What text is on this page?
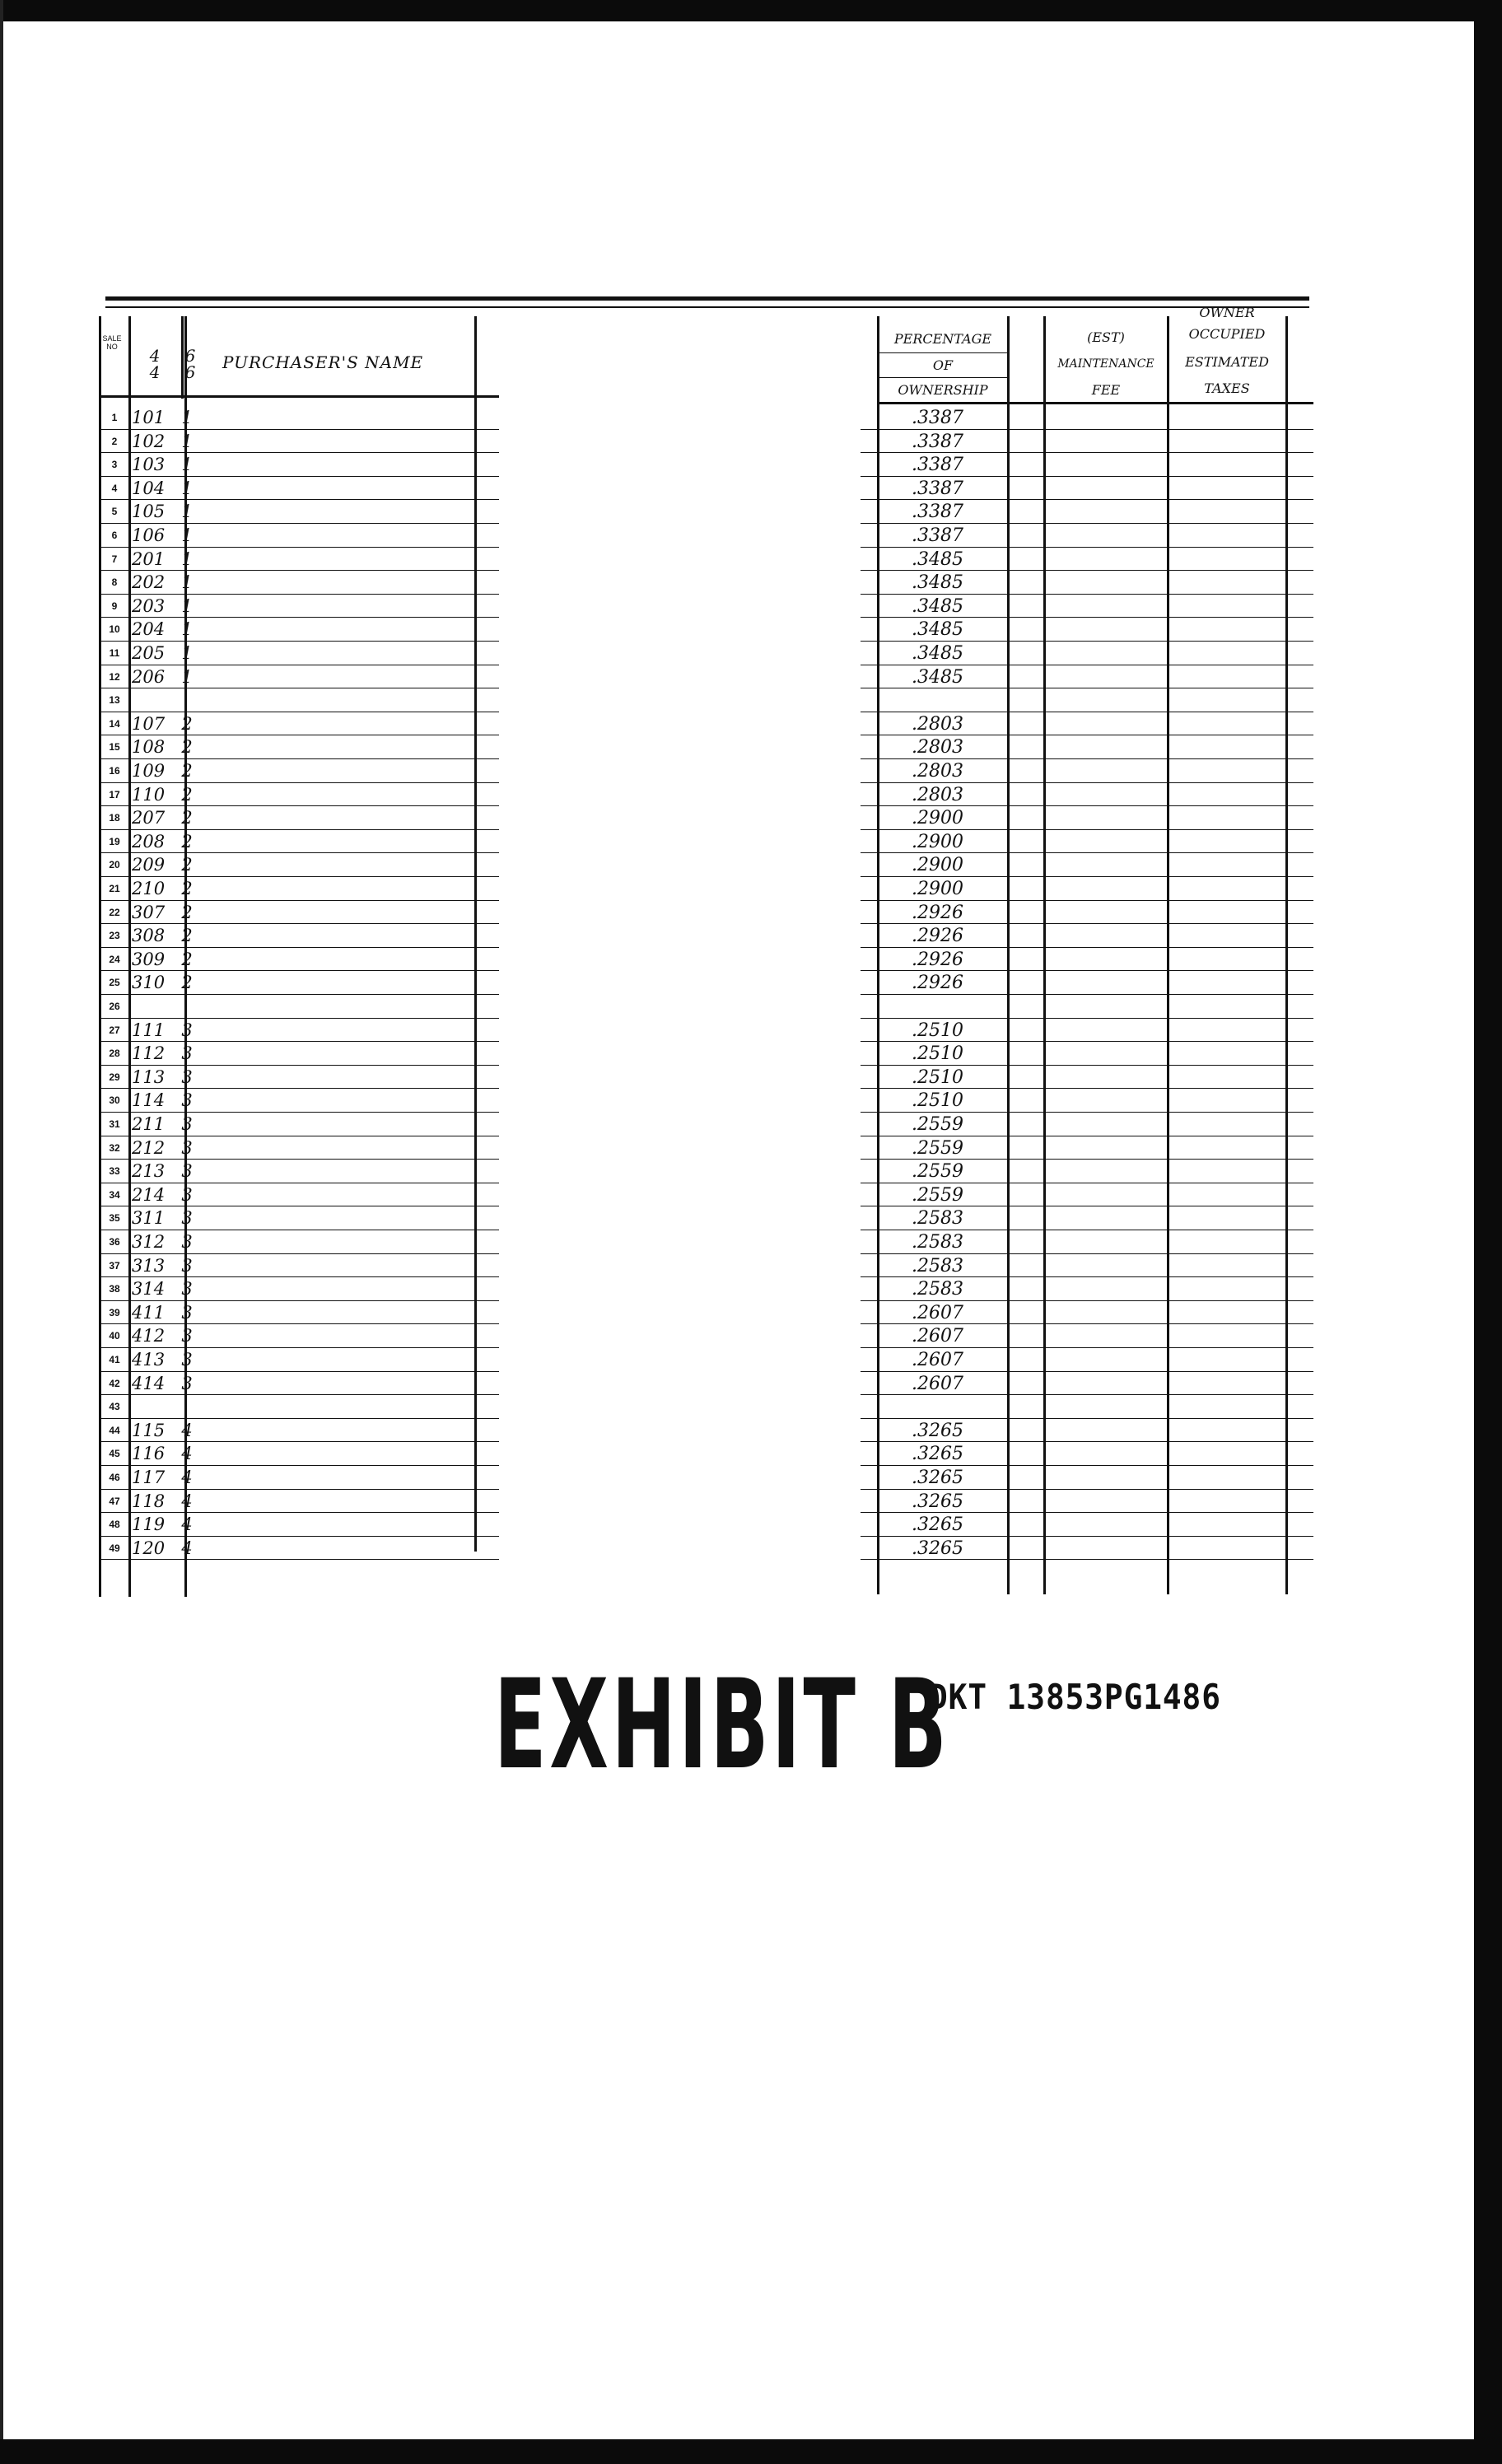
SALE NO	4
4
6
6	PURCHASER'S NAME
1 101 1
2 102 1
3 103 1
4 104 1
5 105 1
6 106 1
7 201 1
8 202 1
9 203 1
10 204 1
11 205 1
12 206 1
13
14 107 2
15 108 2
16 109 2
17 110 2
18 207 2
19 208 2
20 209 2
21 210 2
22 307 2
23 308 2
24 309 2
25 310 2
26
27 111 3
28 112 3
29 113 3
30 114 3
31 211 3
32 212 3
33 213 3
34 214 3
35 311 3
36 312 3
37 313 3
38 314 3
39 411 3
40 412 3
41 413 3
42 414 3
43
44 115 4
45 116 4
46 117 4
47 118 4
48 119 4
49 120 4
PERCENTAGE
OF
OWNERSHIP
(EST)
MAINTENANCE
FEE
OWNER
OCCUPIED
ESTIMATED
TAXES
.3387
.3387
.3387
.3387
.3387
.3387
.3485
.3485
.3485
.3485
.3485
.3485
.2803
.2803
.2803
.2803
.2900
.2900
.2900
.2900
.2926
.2926
.2926
.2926
.2510
.2510
.2510
.2510
.2559
.2559
.2559
.2559
.2583
.2583
.2583
.2583
.2607
.2607
.2607
.2607
.3265
.3265
.3265
.3265
.3265
.3265
EXHIBIT B
DKT 13853PG1486
